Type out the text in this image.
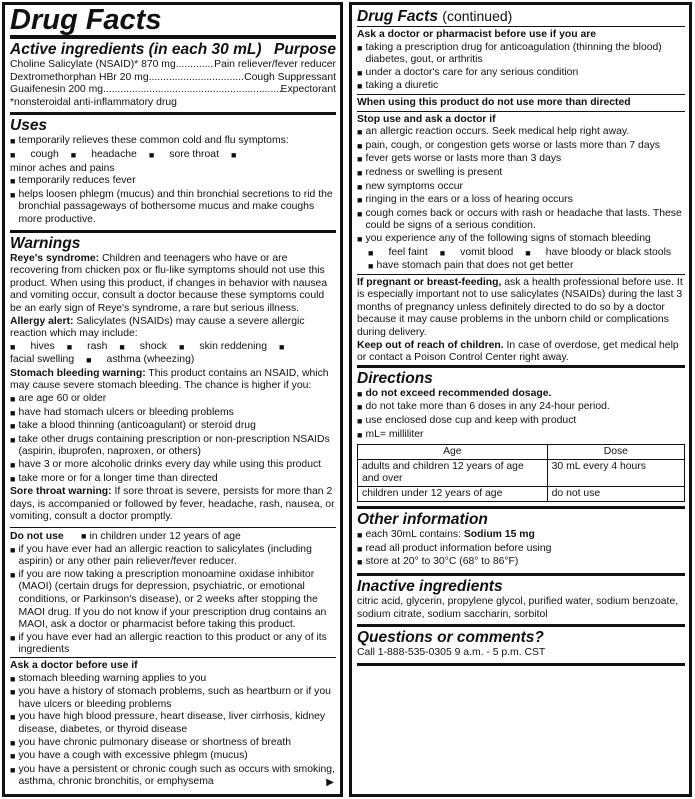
Drug Facts
Active ingredients (in each 30 mL) Purpose
Choline Salicylate (NSAID)* 870 mg .....	Pain reliever/fever reducer
Dextromethorphan HBr 20 mg .....	Cough Suppressant
Guaifenesin 200 mg .....	Expectorant
*nonsteroidal anti-inflammatory drug
Uses
■
temporarily relieves these common cold and flu symptoms:
■
cough ■	headache ■	sore throat
■
minor aches and pains
■
temporarily reduces fever
■
helps loosen phlegm (mucus) and thin bronchial secretions to rid the bronchial passageways of bothersome mucus and make coughs more productive.
Warnings
Reye's syndrome: Children and teenagers who have or are recovering from chicken pox or flu-like symptoms should not use this product. When using this product, if changes in behavior with nausea and vomiting occur, consult a doctor because these symptoms could be an early sign of Reye's syndrome, a rare but serious illness.
Allergy alert: Salicylates (NSAIDs) may cause a severe allergic reaction which may include:
■
hives ■	rash ■	shock
■	skin reddening
■
facial swelling ■	asthma (wheezing)
Stomach bleeding warning: This product contains an NSAID, which may cause severe stomach bleeding. The chance is higher if you:
■
are age 60 or older
■
have had stomach ulcers or bleeding problems
■
take a blood thinning (anticoagulant) or steroid drug
■
take other drugs containing prescription or non-prescription NSAIDs (aspirin, ibuprofen, naproxen, or others)
■
have 3 or more alcoholic drinks every day while using this product
■
take more or for a longer time than directed
Sore throat warning: If sore throat is severe, persists for more than 2 days, is accompanied or followed by fever, headache, rash, nausea, or vomiting, consult a doctor promptly.
Do not use ■ in children under 12 years of age
■
if you have ever had an allergic reaction to salicylates (including aspirin) or any other pain reliever/fever reducer.
■
if you are now taking a prescription monoamine oxidase inhibitor (MAOI) (certain drugs for depression, psychiatric, or emotional conditions, or Parkinson's disease), or 2 weeks after stopping the MAOI drug. If you do not know if your prescription drug contains an MAOI, ask a doctor or pharmacist before taking this product.
■
if you have ever had an allergic reaction to this product or any of its ingredients
Ask a doctor before use if
■
stomach bleeding warning applies to you
■
you have a history of stomach problems, such as heartburn or if you have ulcers or bleeding problems
■
you have high blood pressure, heart disease, liver cirrhosis, kidney disease, diabetes, or thyroid disease
■
you have chronic pulmonary disease or shortness of breath
■
you have a cough with excessive phlegm (mucus)
■
you have a persistent or chronic cough such as occurs with smoking, asthma, chronic bronchitis, or emphysema	▶
Drug Facts (continued)
Ask a doctor or pharmacist before use if you are
■
taking a prescription drug for anticoagulation (thinning the blood) diabetes, gout, or arthritis
■
under a doctor's care for any serious condition
■
taking a diuretic
When using this product do not use more than directed
Stop use and ask a doctor if
■
an allergic reaction occurs. Seek medical help right away.
■
pain, cough, or congestion gets worse or lasts more than 7 days
■
fever gets worse or lasts more than 3 days
■
redness or swelling is present
■
new symptoms occur
■
ringing in the ears or a loss of hearing occurs
■
cough comes back or occurs with rash or headache that lasts. These could be signs of a serious condition.
■
you experience any of the following signs of stomach bleeding
■
feel faint ■	vomit blood
■	have bloody or black stools
■
have stomach pain that does not get better
If pregnant or breast-feeding, ask a health professional before use. It is especially important not to use salicylates (NSAIDs) during the last 3 months of pregnancy unless definitely directed to do so by a doctor because it may cause problems in the unborn child or complications during delivery.
Keep out of reach of children. In case of overdose, get medical help or contact a Poison Control Center right away.
Directions
■
do not exceed recommended dosage.
■
do not take more than 6 doses in any 24-hour period.
■
use enclosed dose cup and keep with product
■
mL= milliliter
Age	Dose
adults and children 12 years of age and over	30 mL every 4 hours
children under 12 years of age	do not use
Other information
■
each 30mL contains: Sodium 15 mg
■
read all product information before using
■
store at 20° to 30°C (68° to 86°F)
Inactive ingredients
citric acid, glycerin, propylene glycol, purified water, sodium benzoate, sodium citrate, sodium saccharin, sorbitol
Questions or comments?
Call 1-888-535-0305 9 a.m. - 5 p.m. CST
